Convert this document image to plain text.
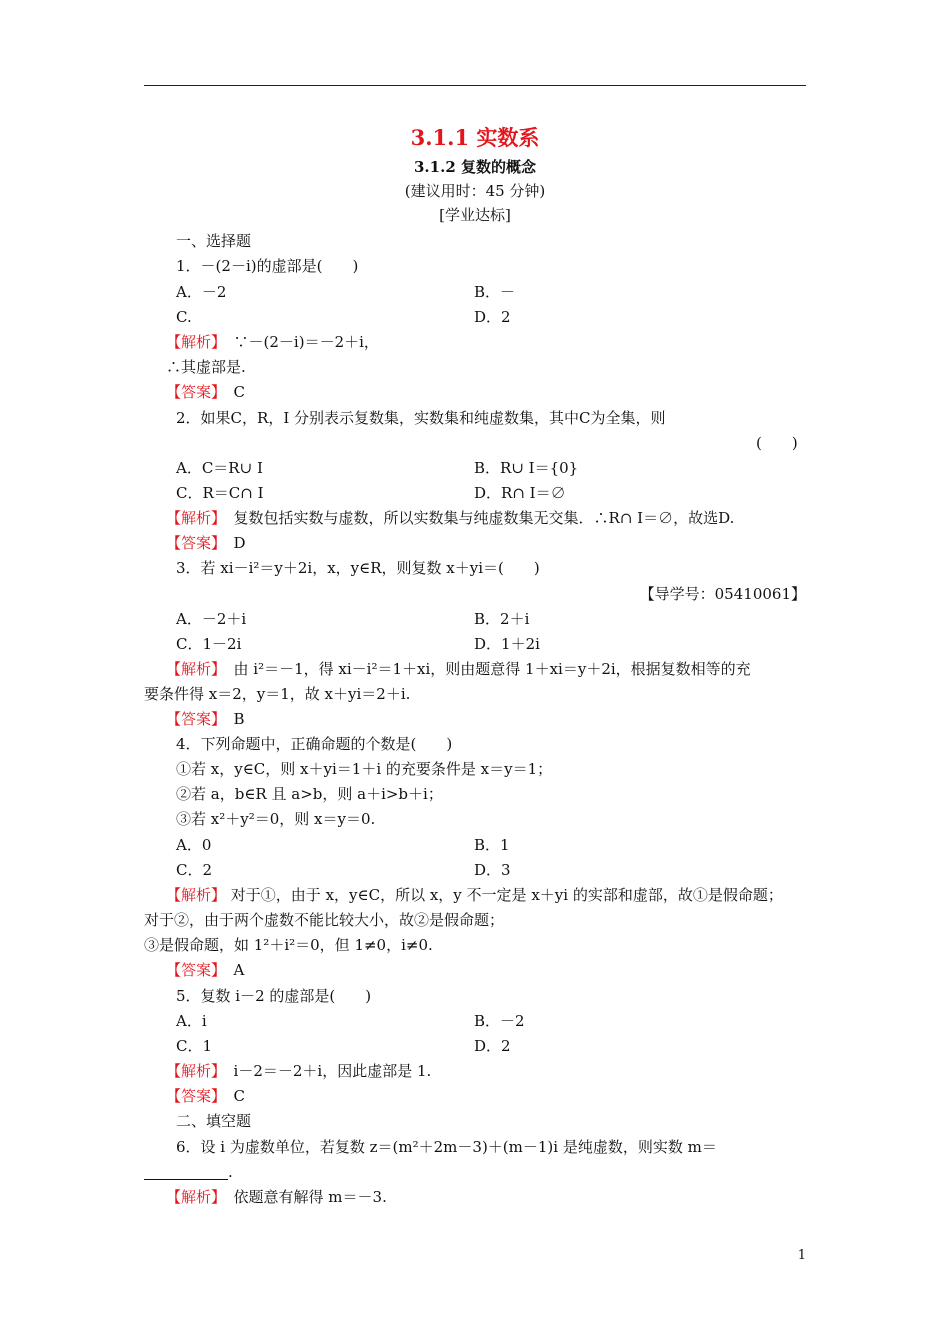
3.1.1 实数系
3.1.2 复数的概念
(建议用时：45 分钟)
[学业达标]
一、选择题
1．－(2－i)的虚部是(　　)
A．－2	B．－
C.	D．2
【解析】　 ∵－(2－i)＝－2＋i，
∴其虚部是.
【答案】　 C
2．如果C，R，I 分别表示复数集，实数集和纯虚数集，其中C为全集，则
(　　)
A．C＝R∪ I	B．R∪ I＝{0}
C．R＝C∩ I	D．R∩ I＝∅
【解析】　 复数包括实数与虚数，所以实数集与纯虚数集无交集．∴R∩ I＝∅，故选D.
【答案】　 D
3．若 xi－i²＝y＋2i，x，y∈R，则复数 x＋yi＝(　　)
【导学号：05410061】
A．－2＋i	B．2＋i
C．1－2i	D．1＋2i
【解析】　 由 i²＝－1，得 xi－i²＝1＋xi，则由题意得 1＋xi＝y＋2i，根据复数相等的充
要条件得 x＝2，y＝1，故 x＋yi＝2＋i.
【答案】　 B
4．下列命题中，正确命题的个数是(　　)
①若 x，y∈C，则 x＋yi＝1＋i 的充要条件是 x＝y＝1；
②若 a，b∈R 且 a>b，则 a＋i>b＋i；
③若 x²＋y²＝0，则 x＝y＝0.
A．0	B．1
C．2	D．3
【解析】 对于①，由于 x，y∈C，所以 x，y 不一定是 x＋yi 的实部和虚部，故①是假命题；
对于②，由于两个虚数不能比较大小，故②是假命题；
③是假命题，如 1²＋i²＝0，但 1≠0，i≠0.
【答案】　 A
5．复数 i－2 的虚部是(　　)
A．i	B．－2
C．1	D．2
【解析】　 i－2＝－2＋i，因此虚部是 1.
【答案】　 C
二、填空题
6．设 i 为虚数单位，若复数 z＝(m²＋2m－3)＋(m－1)i 是纯虚数，则实数 m＝
.
【解析】　 依题意有解得 m＝－3.
1
